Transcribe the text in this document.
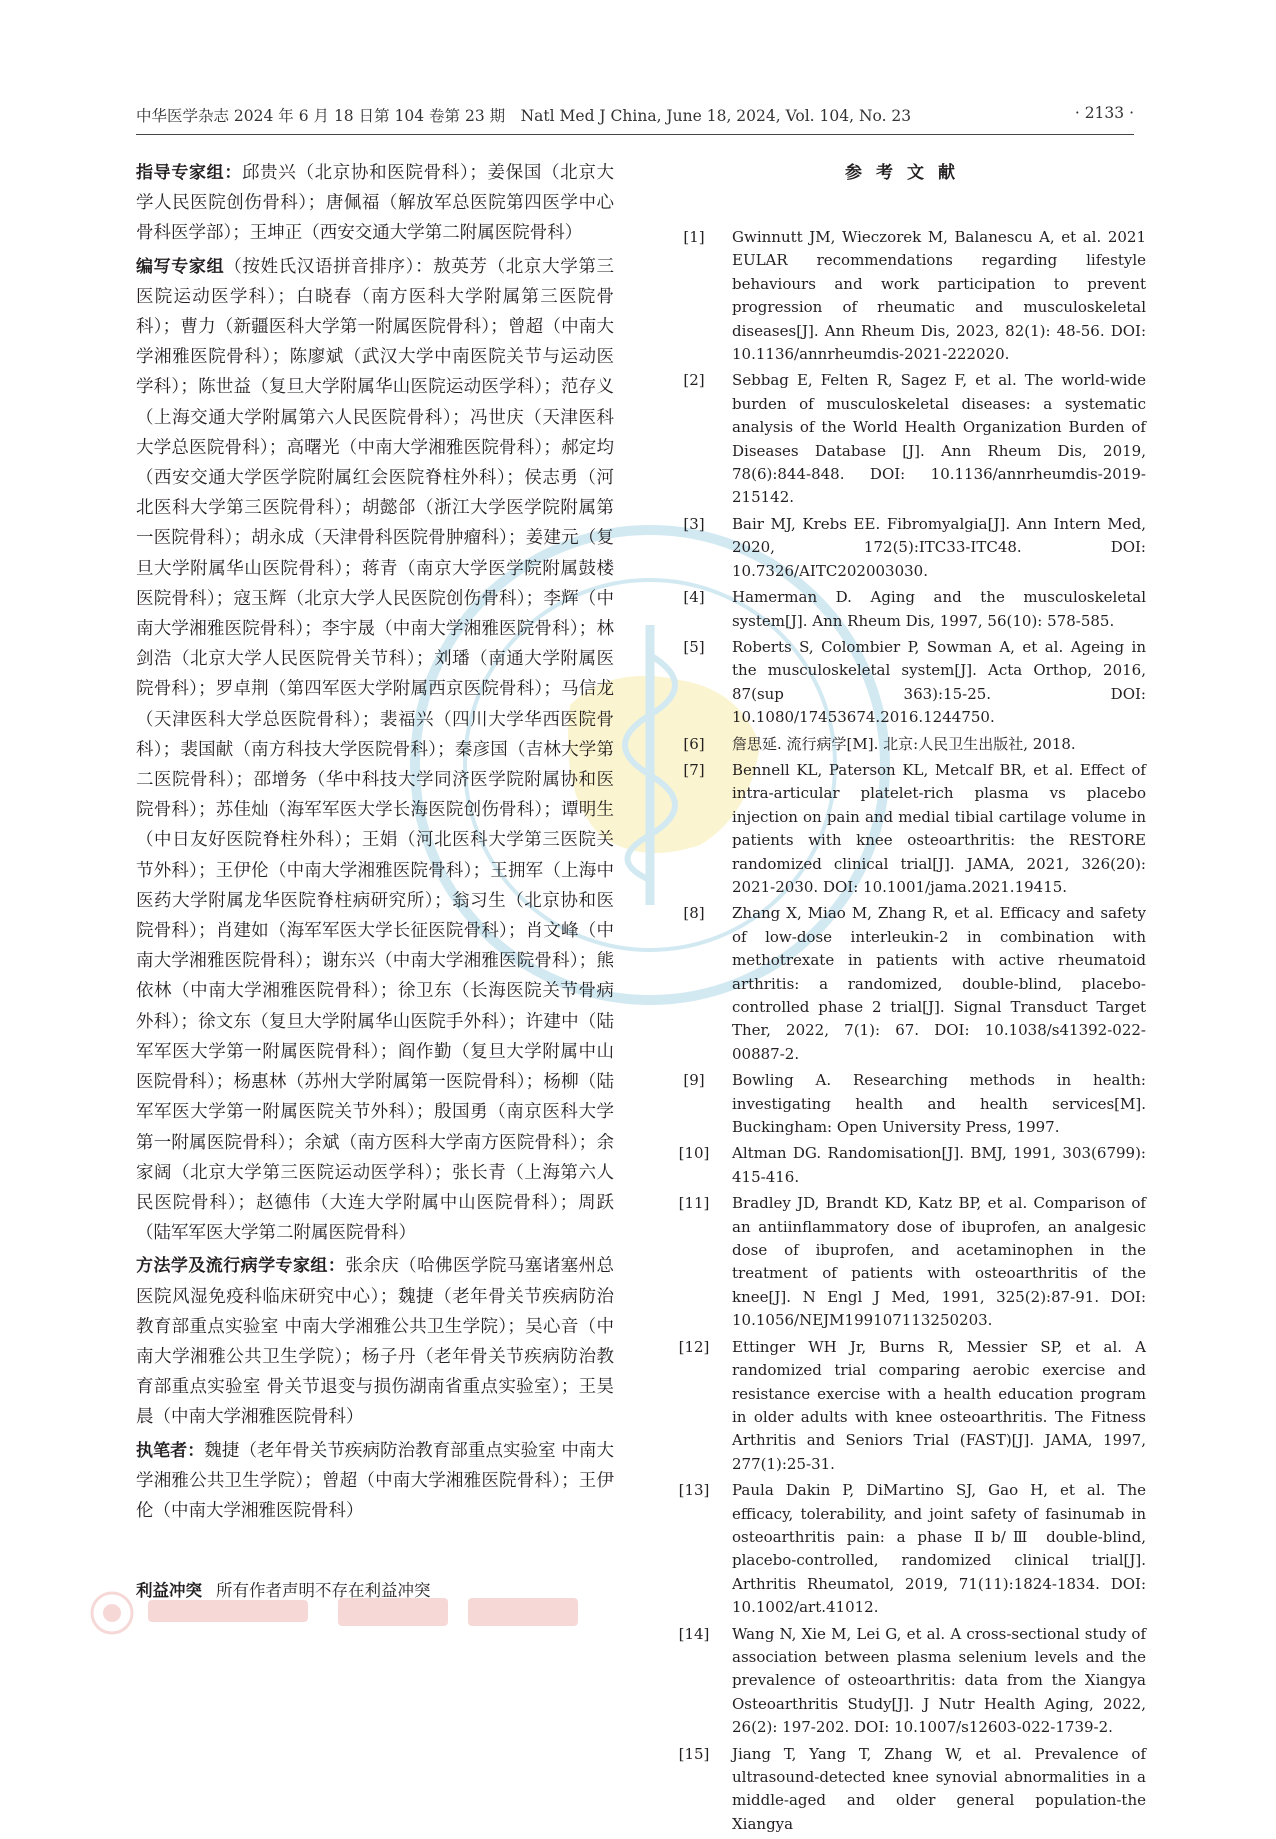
中华医学杂志 2024 年 6 月 18 日第 104 卷第 23 期　Natl Med J China, June 18, 2024, Vol. 104, No. 23	· 2133 ·

指导专家组：邱贵兴（北京协和医院骨科）；姜保国（北京大学人民医院创伤骨科）；唐佩福（解放军总医院第四医学中心骨科医学部）；王坤正（西安交通大学第二附属医院骨科）

编写专家组（按姓氏汉语拼音排序）：敖英芳（北京大学第三医院运动医学科）；白晓春（南方医科大学附属第三医院骨科）；曹力（新疆医科大学第一附属医院骨科）；曾超（中南大学湘雅医院骨科）；陈廖斌（武汉大学中南医院关节与运动医学科）；陈世益（复旦大学附属华山医院运动医学科）；范存义（上海交通大学附属第六人民医院骨科）；冯世庆（天津医科大学总医院骨科）；高曙光（中南大学湘雅医院骨科）；郝定均（西安交通大学医学院附属红会医院脊柱外科）；侯志勇（河北医科大学第三医院骨科）；胡懿郃（浙江大学医学院附属第一医院骨科）；胡永成（天津骨科医院骨肿瘤科）；姜建元（复旦大学附属华山医院骨科）；蒋青（南京大学医学院附属鼓楼医院骨科）；寇玉辉（北京大学人民医院创伤骨科）；李辉（中南大学湘雅医院骨科）；李宇晟（中南大学湘雅医院骨科）；林剑浩（北京大学人民医院骨关节科）；刘璠（南通大学附属医院骨科）；罗卓荆（第四军医大学附属西京医院骨科）；马信龙（天津医科大学总医院骨科）；裴福兴（四川大学华西医院骨科）；裴国献（南方科技大学医院骨科）；秦彦国（吉林大学第二医院骨科）；邵增务（华中科技大学同济医学院附属协和医院骨科）；苏佳灿（海军军医大学长海医院创伤骨科）；谭明生（中日友好医院脊柱外科）；王娟（河北医科大学第三医院关节外科）；王伊伦（中南大学湘雅医院骨科）；王拥军（上海中医药大学附属龙华医院脊柱病研究所）；翁习生（北京协和医院骨科）；肖建如（海军军医大学长征医院骨科）；肖文峰（中南大学湘雅医院骨科）；谢东兴（中南大学湘雅医院骨科）；熊依林（中南大学湘雅医院骨科）；徐卫东（长海医院关节骨病外科）；徐文东（复旦大学附属华山医院手外科）；许建中（陆军军医大学第一附属医院骨科）；阎作勤（复旦大学附属中山医院骨科）；杨惠林（苏州大学附属第一医院骨科）；杨柳（陆军军医大学第一附属医院关节外科）；殷国勇（南京医科大学第一附属医院骨科）；余斌（南方医科大学南方医院骨科）；余家阔（北京大学第三医院运动医学科）；张长青（上海第六人民医院骨科）；赵德伟（大连大学附属中山医院骨科）；周跃（陆军军医大学第二附属医院骨科）

方法学及流行病学专家组：张余庆（哈佛医学院马塞诸塞州总医院风湿免疫科临床研究中心）；魏捷（老年骨关节疾病防治教育部重点实验室 中南大学湘雅公共卫生学院）；吴心音（中南大学湘雅公共卫生学院）；杨子丹（老年骨关节疾病防治教育部重点实验室 骨关节退变与损伤湖南省重点实验室）；王昊晨（中南大学湘雅医院骨科）

执笔者：魏捷（老年骨关节疾病防治教育部重点实验室 中南大学湘雅公共卫生学院）；曾超（中南大学湘雅医院骨科）；王伊伦（中南大学湘雅医院骨科）

利益冲突 所有作者声明不存在利益冲突
参考文献
[1]	Gwinnutt JM, Wieczorek M, Balanescu A, et al. 2021 EULAR recommendations regarding lifestyle behaviours and work participation to prevent progression of rheumatic and musculoskeletal diseases[J]. Ann Rheum Dis, 2023, 82(1): 48-56. DOI: 10.1136/annrheumdis-2021-222020.
[2]	Sebbag E, Felten R, Sagez F, et al. The world-wide burden of musculoskeletal diseases: a systematic analysis of the World Health Organization Burden of Diseases Database [J]. Ann Rheum Dis, 2019, 78(6):844-848. DOI: 10.1136/annrheumdis-2019-215142.
[3]	Bair MJ, Krebs EE. Fibromyalgia[J]. Ann Intern Med, 2020, 172(5):ITC33-ITC48. DOI: 10.7326/AITC202003030.
[4]	Hamerman D. Aging and the musculoskeletal system[J]. Ann Rheum Dis, 1997, 56(10): 578-585.
[5]	Roberts S, Colombier P, Sowman A, et al. Ageing in the musculoskeletal system[J]. Acta Orthop, 2016, 87(sup 363):15-25. DOI: 10.1080/17453674.2016.1244750.
[6]	詹思延. 流行病学[M]. 北京:人民卫生出版社, 2018.
[7]	Bennell KL, Paterson KL, Metcalf BR, et al. Effect of intra-articular platelet-rich plasma vs placebo injection on pain and medial tibial cartilage volume in patients with knee osteoarthritis: the RESTORE randomized clinical trial[J]. JAMA, 2021, 326(20): 2021-2030. DOI: 10.1001/jama.2021.19415.
[8]	Zhang X, Miao M, Zhang R, et al. Efficacy and safety of low-dose interleukin-2 in combination with methotrexate in patients with active rheumatoid arthritis: a randomized, double-blind, placebo-controlled phase 2 trial[J]. Signal Transduct Target Ther, 2022, 7(1): 67. DOI: 10.1038/s41392-022-00887-2.
[9]	Bowling A. Researching methods in health: investigating health and health services[M]. Buckingham: Open University Press, 1997.
[10]	Altman DG. Randomisation[J]. BMJ, 1991, 303(6799): 415-416.
[11]	Bradley JD, Brandt KD, Katz BP, et al. Comparison of an antiinflammatory dose of ibuprofen, an analgesic dose of ibuprofen, and acetaminophen in the treatment of patients with osteoarthritis of the knee[J]. N Engl J Med, 1991, 325(2):87-91. DOI: 10.1056/NEJM199107113250203.
[12]	Ettinger WH Jr, Burns R, Messier SP, et al. A randomized trial comparing aerobic exercise and resistance exercise with a health education program in older adults with knee osteoarthritis. The Fitness Arthritis and Seniors Trial (FAST)[J]. JAMA, 1997, 277(1):25-31.
[13]	Paula Dakin P, DiMartino SJ, Gao H, et al. The efficacy, tolerability, and joint safety of fasinumab in osteoarthritis pain: a phase Ⅱb/Ⅲ double-blind, placebo-controlled, randomized clinical trial[J]. Arthritis Rheumatol, 2019, 71(11):1824-1834. DOI: 10.1002/art.41012.
[14]	Wang N, Xie M, Lei G, et al. A cross-sectional study of association between plasma selenium levels and the prevalence of osteoarthritis: data from the Xiangya Osteoarthritis Study[J]. J Nutr Health Aging, 2022, 26(2): 197-202. DOI: 10.1007/s12603-022-1739-2.
[15]	Jiang T, Yang T, Zhang W, et al. Prevalence of ultrasound-detected knee synovial abnormalities in a middle-aged and older general population-the Xiangya
